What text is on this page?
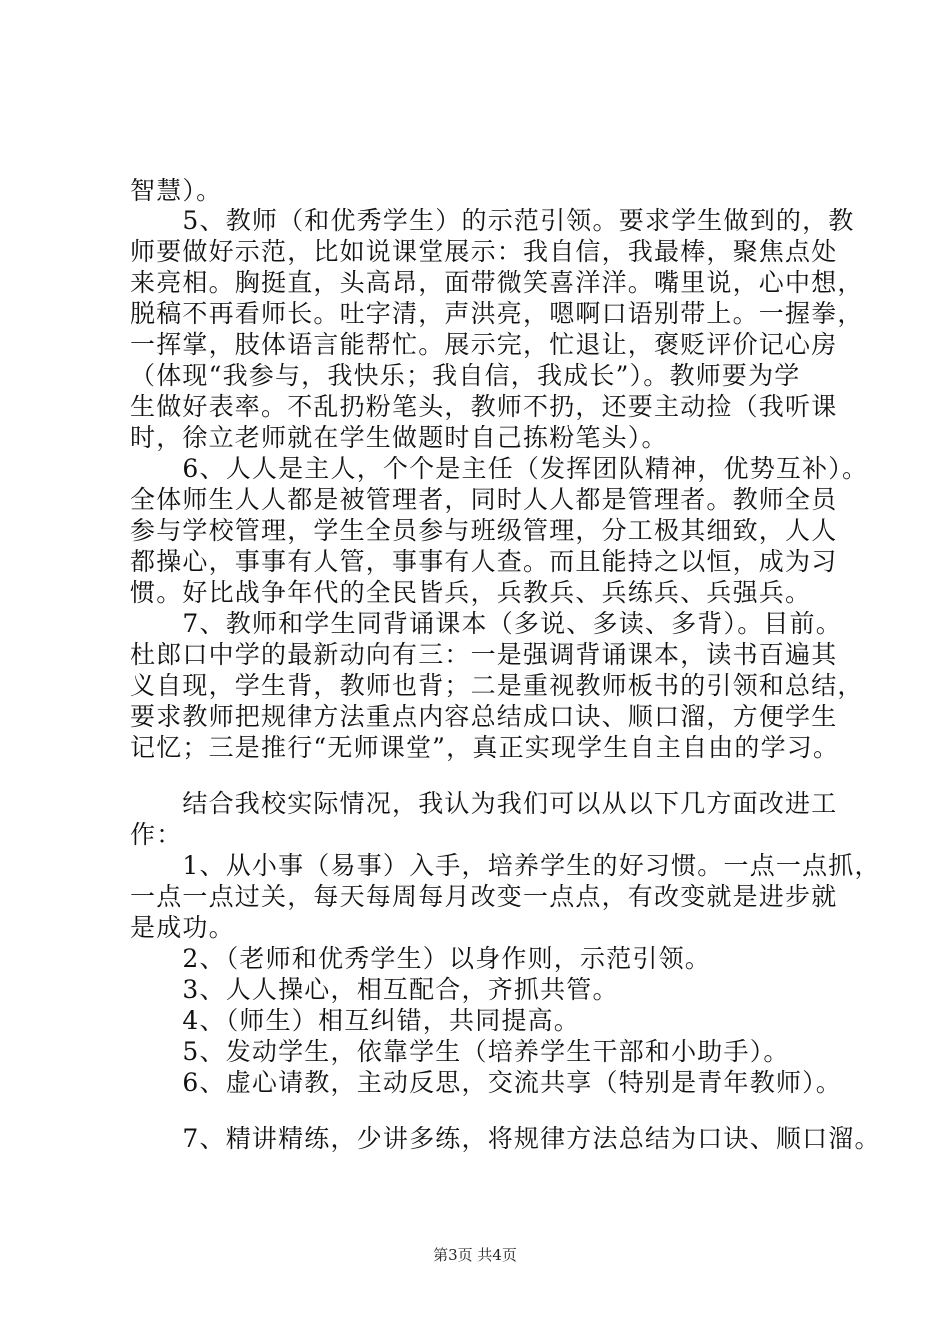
智慧）。
　　5、教师（和优秀学生）的示范引领。要求学生做到的，教
师要做好示范，比如说课堂展示：我自信，我最棒，聚焦点处
来亮相。胸挺直，头高昂，面带微笑喜洋洋。嘴里说，心中想，
脱稿不再看师长。吐字清，声洪亮，嗯啊口语别带上。一握拳，
一挥掌，肢体语言能帮忙。展示完，忙退让，褒贬评价记心房
（体现“我参与，我快乐；我自信，我成长”）。教师要为学
生做好表率。不乱扔粉笔头，教师不扔，还要主动捡（我听课
时，徐立老师就在学生做题时自己拣粉笔头）。
　　6、人人是主人，个个是主任（发挥团队精神，优势互补）。
全体师生人人都是被管理者，同时人人都是管理者。教师全员
参与学校管理，学生全员参与班级管理，分工极其细致，人人
都操心，事事有人管，事事有人查。而且能持之以恒，成为习
惯。好比战争年代的全民皆兵，兵教兵、兵练兵、兵强兵。
　　7、教师和学生同背诵课本（多说、多读、多背）。目前。
杜郎口中学的最新动向有三：一是强调背诵课本，读书百遍其
义自现，学生背，教师也背；二是重视教师板书的引领和总结，
要求教师把规律方法重点内容总结成口诀、顺口溜，方便学生
记忆；三是推行“无师课堂”，真正实现学生自主自由的学习。
　　结合我校实际情况，我认为我们可以从以下几方面改进工
作：
　　1、从小事（易事）入手，培养学生的好习惯。一点一点抓，
一点一点过关，每天每周每月改变一点点，有改变就是进步就
是成功。
　　2、（老师和优秀学生）以身作则，示范引领。
　　3、人人操心，相互配合，齐抓共管。
　　4、（师生）相互纠错，共同提高。
　　5、发动学生，依靠学生（培养学生干部和小助手）。
　　6、虚心请教，主动反思，交流共享（特别是青年教师）。
　　7、精讲精练，少讲多练，将规律方法总结为口诀、顺口溜。
第3页 共4页
